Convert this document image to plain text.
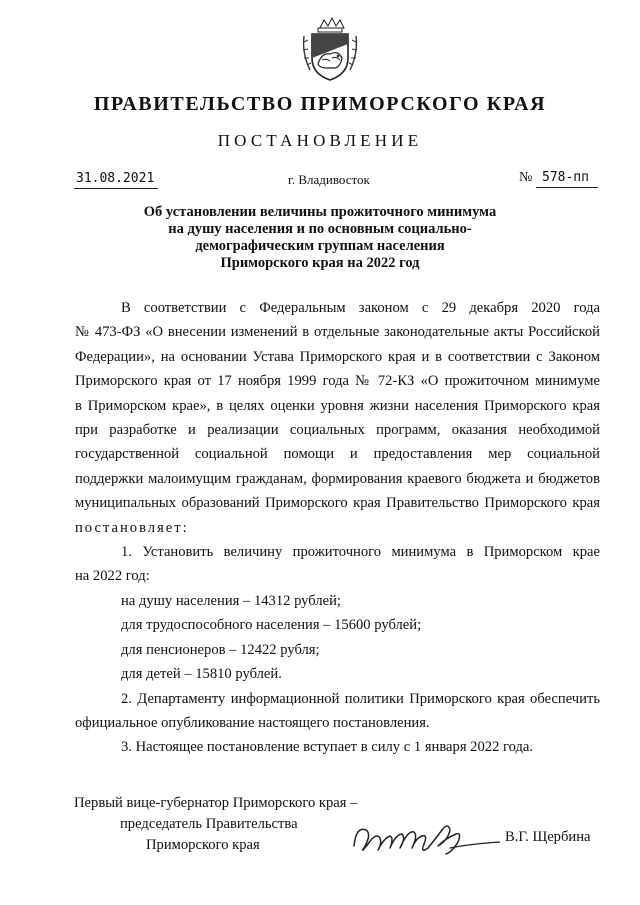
ПРАВИТЕЛЬСТВО ПРИМОРСКОГО КРАЯ
ПОСТАНОВЛЕНИЕ
31.08.2021	г. Владивосток	№ 578-пп
Об установлении величины прожиточного минимума
на душу населения и по основным социально-
демографическим группам населения
Приморского края на 2022 год

В соответствии с Федеральным законом с 29 декабря 2020 года

№ 473-ФЗ «О внесении изменений в отдельные законодательные акты Российской

Федерации», на основании Устава Приморского края и в соответствии с Законом

Приморского края от 17 ноября 1999 года № 72-КЗ «О прожиточном минимуме

в Приморском крае», в целях оценки уровня жизни населения Приморского края

при разработке и реализации социальных программ, оказания необходимой

государственной социальной помощи и предоставления мер социальной

поддержки малоимущим гражданам, формирования краевого бюджета и бюджетов

муниципальных образований Приморского края Правительство Приморского края

постановляет:

1. Установить величину прожиточного минимума в Приморском крае

на 2022 год:

на душу населения – 14312 рублей;

для трудоспособного населения – 15600 рублей;

для пенсионеров – 12422 рубля;

для детей – 15810 рублей.

2. Департаменту информационной политики Приморского края обеспечить

официальное опубликование настоящего постановления.

3. Настоящее постановление вступает в силу с 1 января 2022 года.

Первый вице-губернатор Приморского края –
председатель Правительства
Приморского края	В.Г. Щербина
